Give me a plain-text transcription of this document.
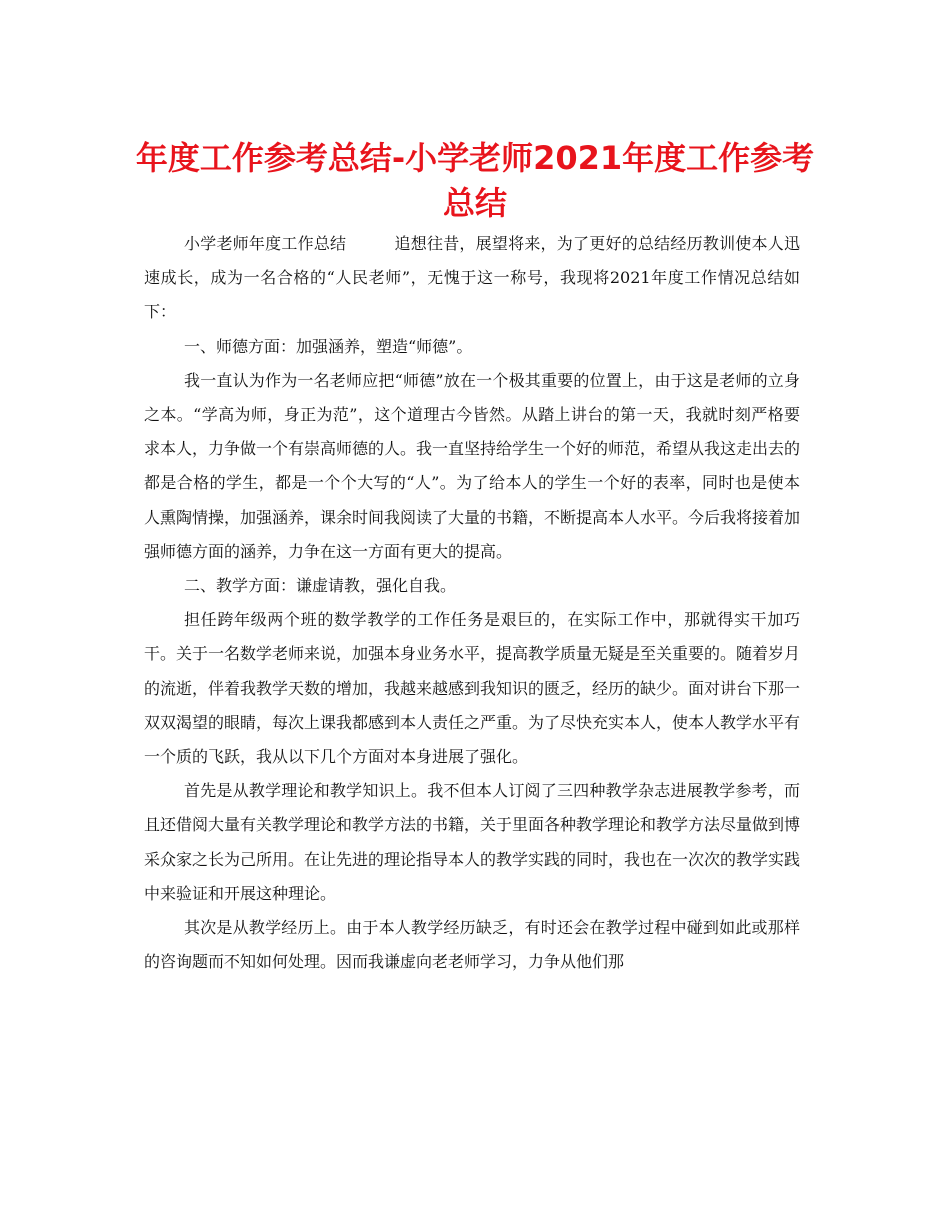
年度工作参考总结-小学老师2021年度工作参考总结

小学老师年度工作总结	追想往昔，展望将来，为了更好的总结经历教训使本人迅速成长，成为一名合格的“人民老师”，无愧于这一称号，我现将2021年度工作情况总结如下：

一、师德方面：加强涵养，塑造“师德”。

我一直认为作为一名老师应把“师德”放在一个极其重要的位置上，由于这是老师的立身之本。“学高为师，身正为范”，这个道理古今皆然。从踏上讲台的第一天，我就时刻严格要求本人，力争做一个有崇高师德的人。我一直坚持给学生一个好的师范，希望从我这走出去的都是合格的学生，都是一个个大写的“人”。为了给本人的学生一个好的表率，同时也是使本人熏陶情操，加强涵养，课余时间我阅读了大量的书籍，不断提高本人水平。今后我将接着加强师德方面的涵养，力争在这一方面有更大的提高。

二、教学方面：谦虚请教，强化自我。

担任跨年级两个班的数学教学的工作任务是艰巨的，在实际工作中，那就得实干加巧干。关于一名数学老师来说，加强本身业务水平，提高教学质量无疑是至关重要的。随着岁月的流逝，伴着我教学天数的增加，我越来越感到我知识的匮乏，经历的缺少。面对讲台下那一双双渴望的眼睛，每次上课我都感到本人责任之严重。为了尽快充实本人，使本人教学水平有一个质的飞跃，我从以下几个方面对本身进展了强化。

首先是从教学理论和教学知识上。我不但本人订阅了三四种教学杂志进展教学参考，而且还借阅大量有关教学理论和教学方法的书籍，关于里面各种教学理论和教学方法尽量做到博采众家之长为己所用。在让先进的理论指导本人的教学实践的同时，我也在一次次的教学实践中来验证和开展这种理论。

其次是从教学经历上。由于本人教学经历缺乏，有时还会在教学过程中碰到如此或那样的咨询题而不知如何处理。因而我谦虚向老老师学习，力争从他们那
